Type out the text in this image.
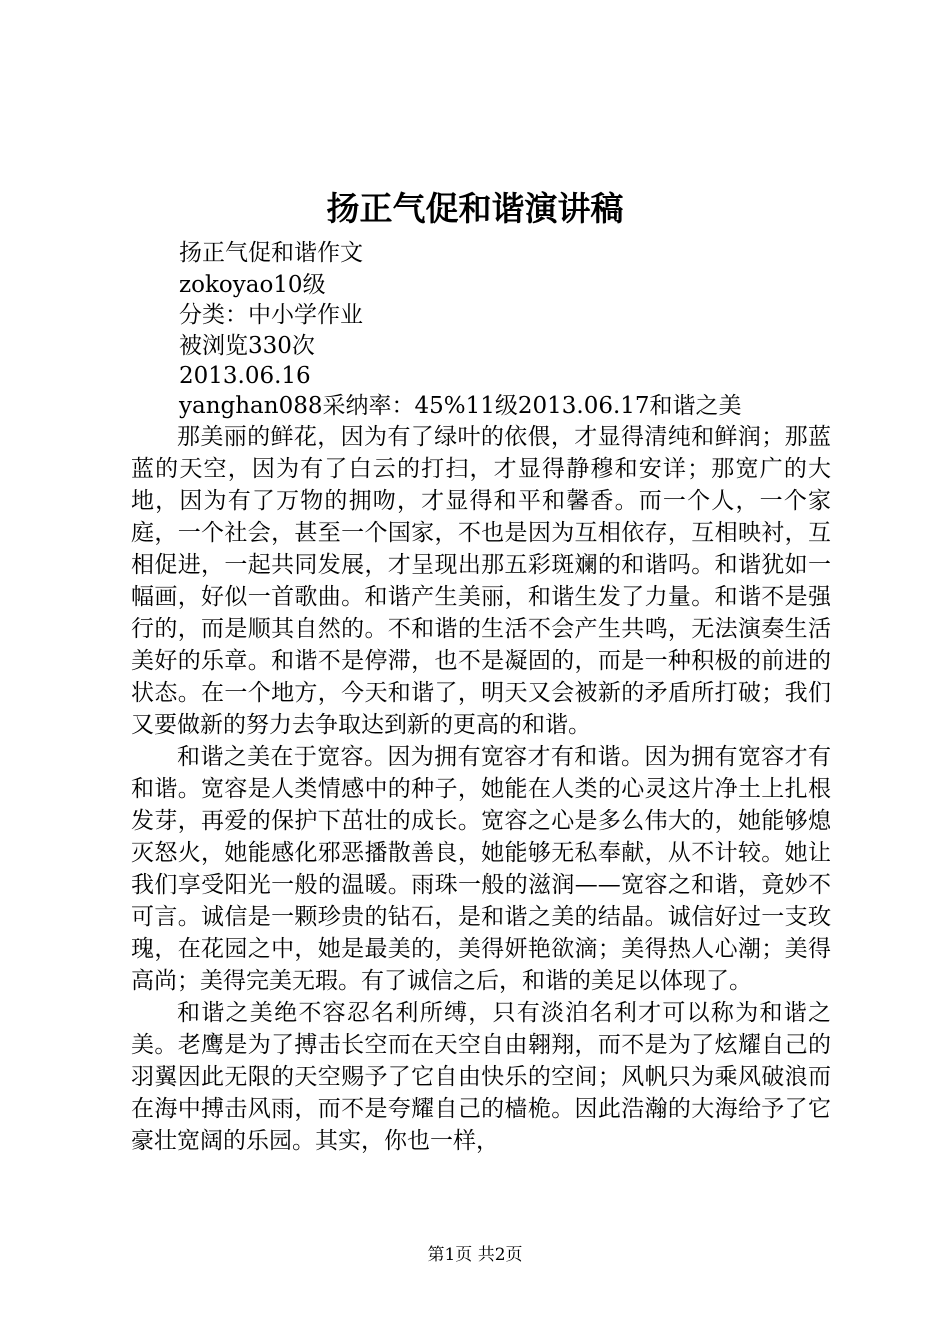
扬正气促和谐演讲稿
扬正气促和谐作文
zokoyao10级
分类：中小学作业
被浏览330次
2013.06.16
yanghan088采纳率：45%11级2013.06.17和谐之美

那美丽的鲜花，因为有了绿叶的依偎，才显得清纯和鲜润；那蓝蓝的天空，因为有了白云的打扫，才显得静穆和安详；那宽广的大地，因为有了万物的拥吻，才显得和平和馨香。而一个人，一个家庭，一个社会，甚至一个国家，不也是因为互相依存，互相映衬，互相促进，一起共同发展，才呈现出那五彩斑斓的和谐吗。和谐犹如一幅画，好似一首歌曲。和谐产生美丽，和谐生发了力量。和谐不是强行的，而是顺其自然的。不和谐的生活不会产生共鸣，无法演奏生活美好的乐章。和谐不是停滞，也不是凝固的，而是一种积极的前进的状态。在一个地方，今天和谐了，明天又会被新的矛盾所打破；我们又要做新的努力去争取达到新的更高的和谐。

和谐之美在于宽容。因为拥有宽容才有和谐。因为拥有宽容才有和谐。宽容是人类情感中的种子，她能在人类的心灵这片净土上扎根发芽，再爱的保护下茁壮的成长。宽容之心是多么伟大的，她能够熄灭怒火，她能感化邪恶播散善良，她能够无私奉献，从不计较。她让我们享受阳光一般的温暖。雨珠一般的滋润——宽容之和谐，竟妙不可言。诚信是一颗珍贵的钻石，是和谐之美的结晶。诚信好过一支玫瑰，在花园之中，她是最美的，美得妍艳欲滴；美得热人心潮；美得高尚；美得完美无瑕。有了诚信之后，和谐的美足以体现了。

和谐之美绝不容忍名利所缚，只有淡泊名利才可以称为和谐之美。老鹰是为了搏击长空而在天空自由翱翔，而不是为了炫耀自己的羽翼因此无限的天空赐予了它自由快乐的空间；风帆只为乘风破浪而在海中搏击风雨，而不是夸耀自己的樯桅。因此浩瀚的大海给予了它豪壮宽阔的乐园。其实，你也一样，

第1页 共2页
